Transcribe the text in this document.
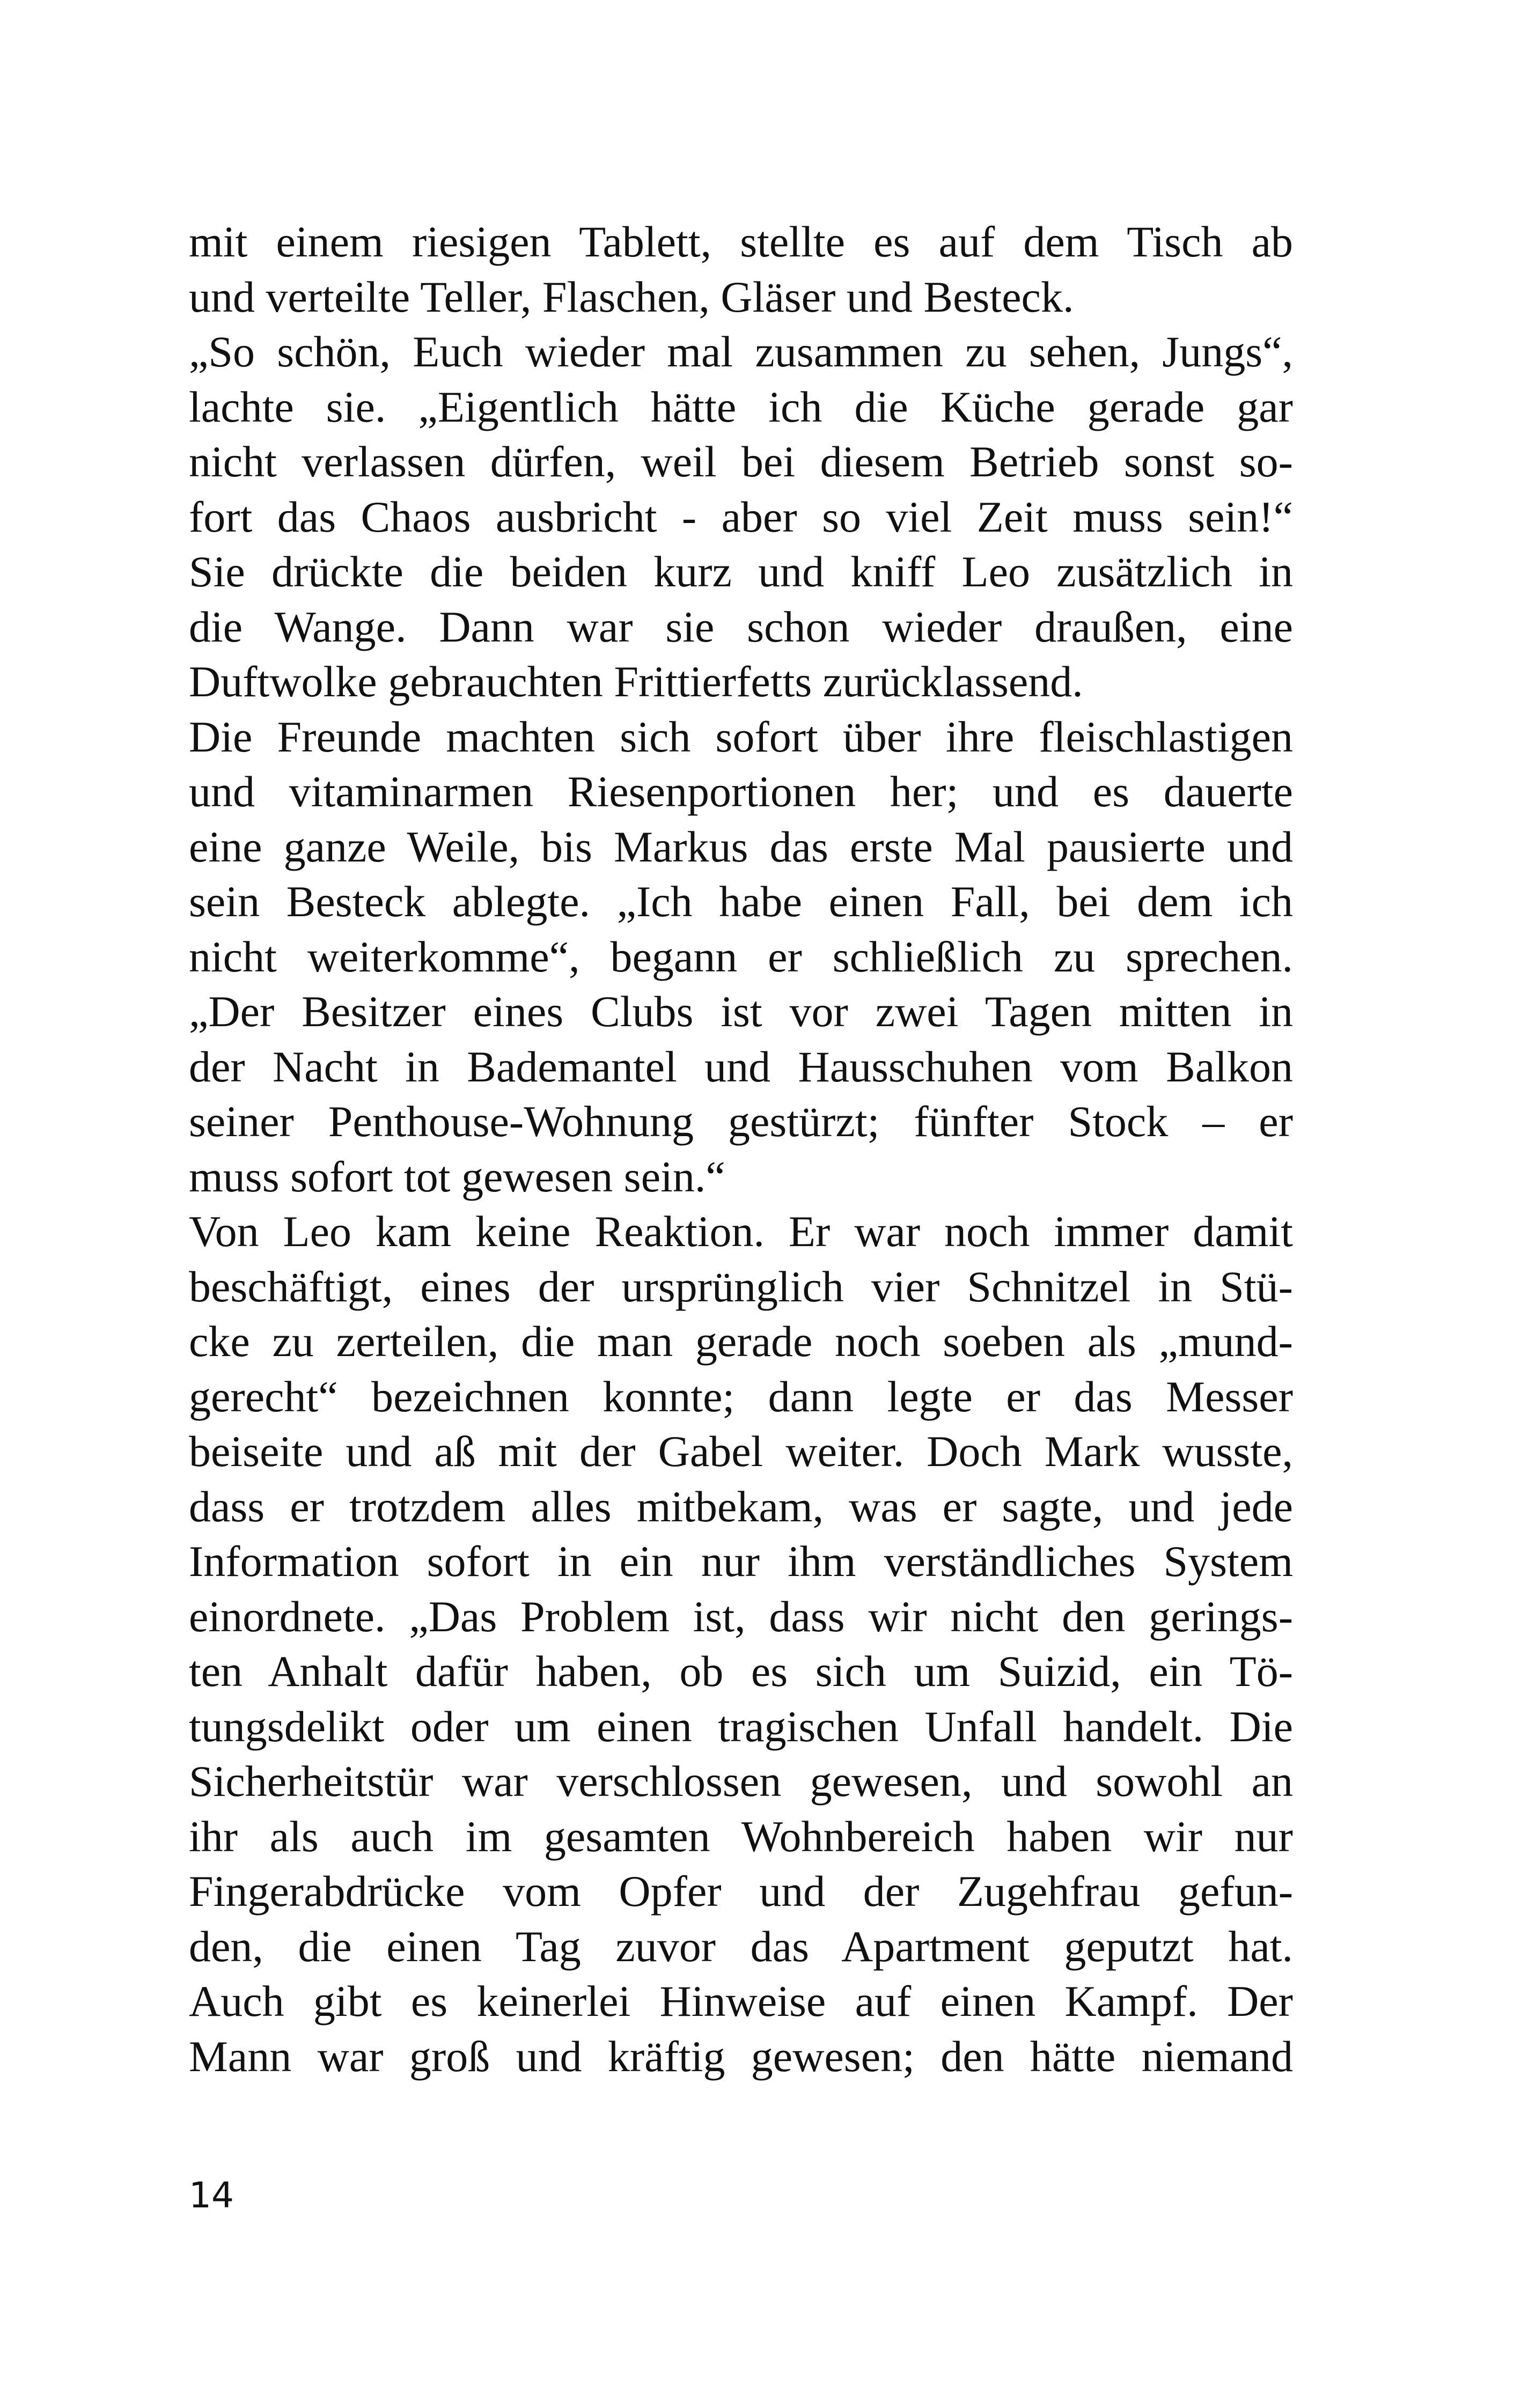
mit einem riesigen Tablett, stellte es auf dem Tisch ab
und verteilte Teller, Flaschen, Gläser und Besteck.
„So schön, Euch wieder mal zusammen zu sehen, Jungs“,
lachte sie. „Eigentlich hätte ich die Küche gerade gar
nicht verlassen dürfen, weil bei diesem Betrieb sonst so-
fort das Chaos ausbricht - aber so viel Zeit muss sein!“
Sie drückte die beiden kurz und kniff Leo zusätzlich in
die Wange. Dann war sie schon wieder draußen, eine
Duftwolke gebrauchten Frittierfetts zurücklassend.
Die Freunde machten sich sofort über ihre fleischlastigen
und vitaminarmen Riesenportionen her; und es dauerte
eine ganze Weile, bis Markus das erste Mal pausierte und
sein Besteck ablegte. „Ich habe einen Fall, bei dem ich
nicht weiterkomme“, begann er schließlich zu sprechen.
„Der Besitzer eines Clubs ist vor zwei Tagen mitten in
der Nacht in Bademantel und Hausschuhen vom Balkon
seiner Penthouse-Wohnung gestürzt; fünfter Stock – er
muss sofort tot gewesen sein.“
Von Leo kam keine Reaktion. Er war noch immer damit
beschäftigt, eines der ursprünglich vier Schnitzel in Stü-
cke zu zerteilen, die man gerade noch soeben als „mund-
gerecht“ bezeichnen konnte; dann legte er das Messer
beiseite und aß mit der Gabel weiter. Doch Mark wusste,
dass er trotzdem alles mitbekam, was er sagte, und jede
Information sofort in ein nur ihm verständliches System
einordnete. „Das Problem ist, dass wir nicht den gerings-
ten Anhalt dafür haben, ob es sich um Suizid, ein Tö-
tungsdelikt oder um einen tragischen Unfall handelt. Die
Sicherheitstür war verschlossen gewesen, und sowohl an
ihr als auch im gesamten Wohnbereich haben wir nur
Fingerabdrücke vom Opfer und der Zugehfrau gefun-
den, die einen Tag zuvor das Apartment geputzt hat.
Auch gibt es keinerlei Hinweise auf einen Kampf. Der
Mann war groß und kräftig gewesen; den hätte niemand
14
